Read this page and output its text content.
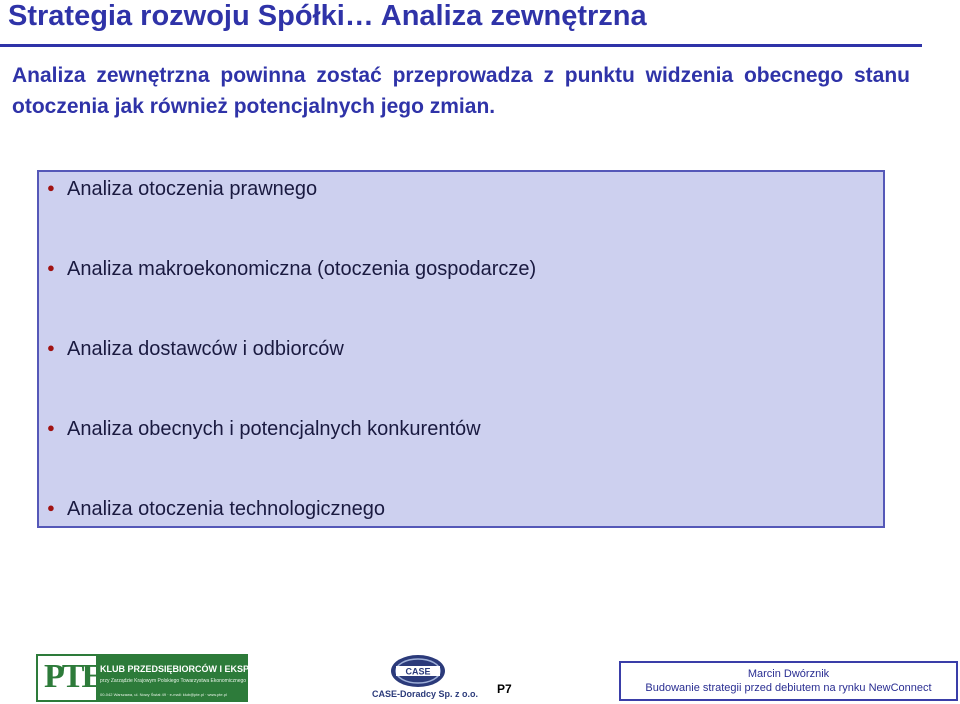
Strategia rozwoju Spółki… Analiza zewnętrzna

Analiza zewnętrzna powinna zostać przeprowadza z punktu widzenia obecnego stanu otoczenia jak również potencjalnych jego zmian.

● Analiza otoczenia prawnego
● Analiza makroekonomiczna (otoczenia gospodarcze)
● Analiza dostawców i odbiorców
● Analiza obecnych i potencjalnych konkurentów
● Analiza otoczenia technologicznego
PTE
KLUB PRZEDSIĘBIORCÓW I EKSPERTÓW
przy Zarządzie Krajowym Polskiego Towarzystwa Ekonomicznego
00-042 Warszawa, ul. Nowy Świat 49 · e-mail: klub@pte.pl · www.pte.pl
CASE
CASE-Doradcy Sp. z o.o. P7
Marcin Dwórznik
Budowanie strategii przed debiutem na rynku NewConnect
